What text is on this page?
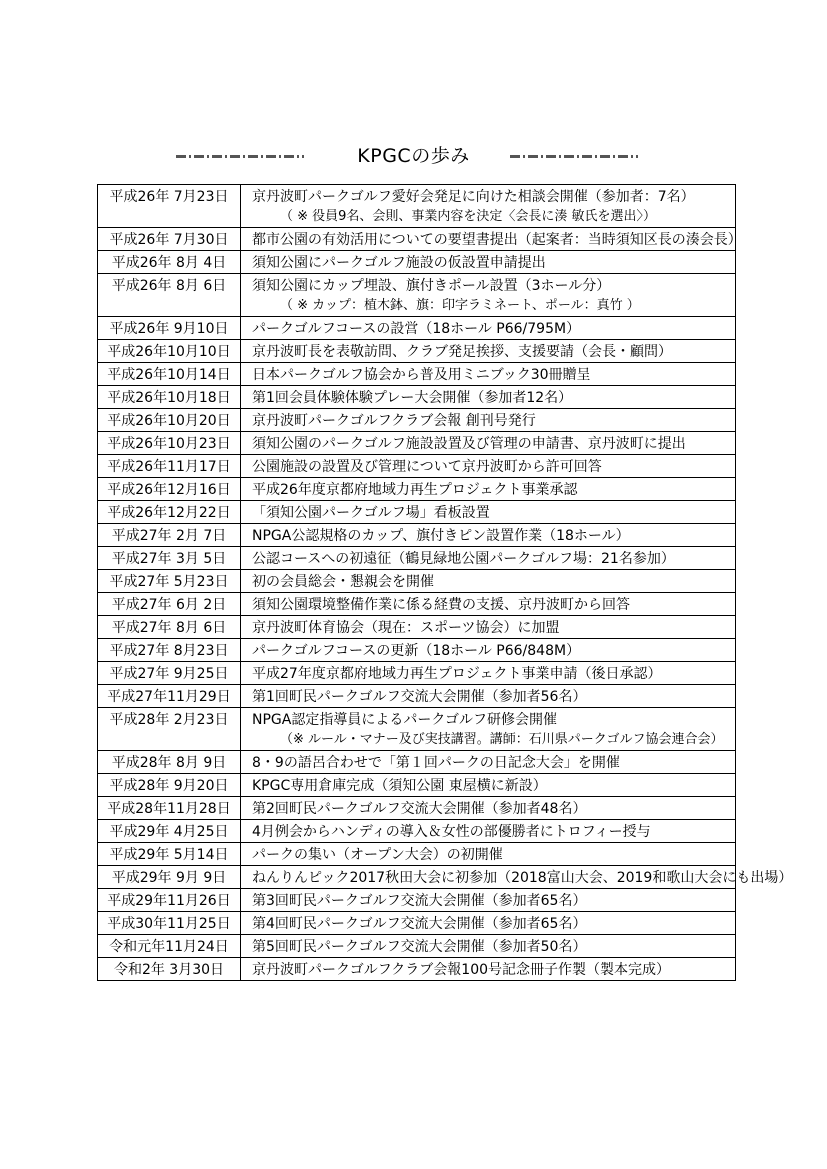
KPGCの歩み
平成26年 7月23日	京丹波町パークゴルフ愛好会発足に向けた相談会開催（参加者：7名）
（ ※ 役員9名、会則、事業内容を決定〈会長に湊 敏氏を選出〉）

平成26年 7月30日	都市公園の有効活用についての要望書提出（起案者：当時須知区長の湊会長）
平成26年 8月 4日	須知公園にパークゴルフ施設の仮設置申請提出
平成26年 8月 6日	須知公園にカップ埋設、旗付きポール設置（3ホール分）
（ ※ カップ：植木鉢、旗：印字ラミネート、ポール：真竹 ）

平成26年 9月10日	パークゴルフコースの設営（18ホール P66/795M）
平成26年10月10日	京丹波町長を表敬訪問、クラブ発足挨拶、支援要請（会長・顧問）
平成26年10月14日	日本パークゴルフ協会から普及用ミニブック30冊贈呈
平成26年10月18日	第1回会員体験体験プレー大会開催（参加者12名）
平成26年10月20日	京丹波町パークゴルフクラブ会報 創刊号発行
平成26年10月23日	須知公園のパークゴルフ施設設置及び管理の申請書、京丹波町に提出
平成26年11月17日	公園施設の設置及び管理について京丹波町から許可回答
平成26年12月16日	平成26年度京都府地域力再生プロジェクト事業承認
平成26年12月22日	「須知公園パークゴルフ場」看板設置
平成27年 2月 7日	NPGA公認規格のカップ、旗付きピン設置作業（18ホール）
平成27年 3月 5日	公認コースへの初遠征（鶴見緑地公園パークゴルフ場：21名参加）
平成27年 5月23日	初の会員総会・懇親会を開催
平成27年 6月 2日	須知公園環境整備作業に係る経費の支援、京丹波町から回答
平成27年 8月 6日	京丹波町体育協会（現在：スポーツ協会）に加盟
平成27年 8月23日	パークゴルフコースの更新（18ホール P66/848M）
平成27年 9月25日	平成27年度京都府地域力再生プロジェクト事業申請（後日承認）
平成27年11月29日	第1回町民パークゴルフ交流大会開催（参加者56名）
平成28年 2月23日	NPGA認定指導員によるパークゴルフ研修会開催
（※ ルール・マナー及び実技講習。講師：石川県パークゴルフ協会連合会）

平成28年 8月 9日	8・9の語呂合わせで「第１回パークの日記念大会」を開催
平成28年 9月20日	KPGC専用倉庫完成（須知公園 東屋横に新設）
平成28年11月28日	第2回町民パークゴルフ交流大会開催（参加者48名）
平成29年 4月25日	4月例会からハンディの導入＆女性の部優勝者にトロフィー授与
平成29年 5月14日	パークの集い（オープン大会）の初開催
平成29年 9月 9日	ねんりんピック2017秋田大会に初参加（2018富山大会、2019和歌山大会にも出場）
平成29年11月26日	第3回町民パークゴルフ交流大会開催（参加者65名）
平成30年11月25日	第4回町民パークゴルフ交流大会開催（参加者65名）
令和元年11月24日	第5回町民パークゴルフ交流大会開催（参加者50名）
令和2年 3月30日	京丹波町パークゴルフクラブ会報100号記念冊子作製（製本完成）
